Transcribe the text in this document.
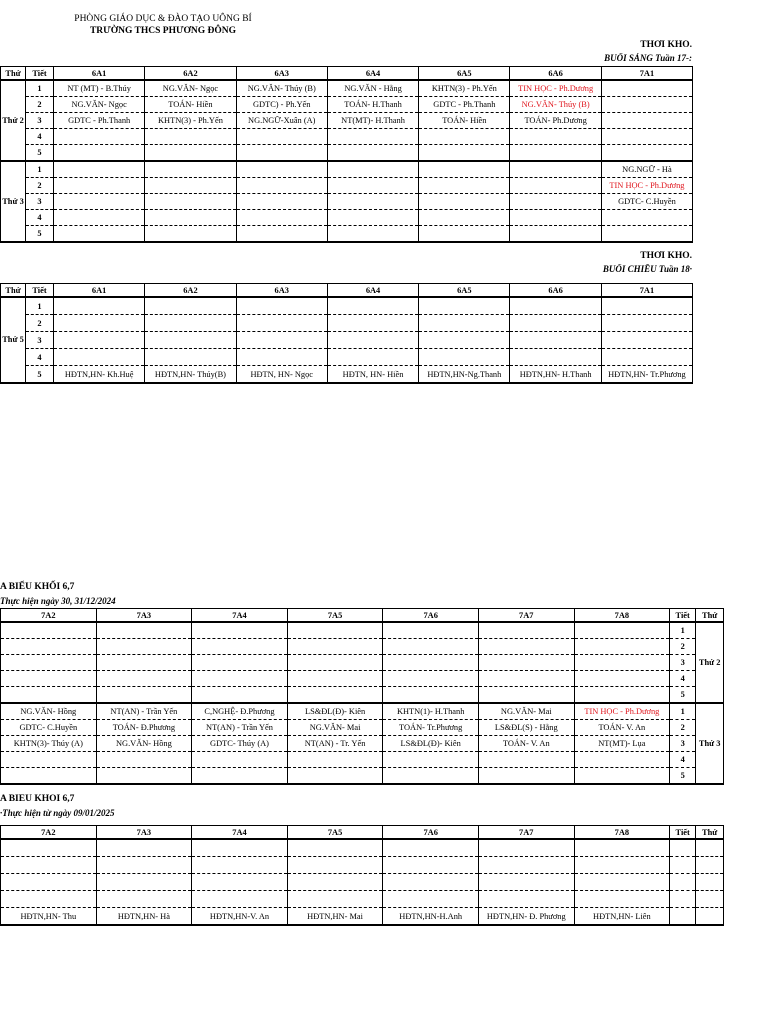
PHÒNG GIÁO DỤC & ĐÀO TẠO UÔNG BÍ
TRƯỜNG THCS PHƯƠNG ĐÔNG
THỜI KHÓ.
BUỔI SÁNG Tuần 17-:
Thứ	Tiết	6A1	6A2	6A3	6A4	6A5	6A6	7A1
Thứ 2	1	NT (MT) - B.Thúy	NG.VĂN- Ngọc	NG.VĂN- Thúy (B)	NG.VĂN - Hằng	KHTN(3) - Ph.Yến	TIN HỌC - Ph.Dương	
	2	NG.VĂN- Ngọc	TOÁN- Hiền	GDTC) - Ph.Yến	TOÁN- H.Thanh	GDTC - Ph.Thanh	NG.VĂN- Thúy (B)	
	3	GDTC - Ph.Thanh	KHTN(3) - Ph.Yến	NG.NGỮ-Xuân (A)	NT(MT)- H.Thanh	TOÁN- Hiền	TOÁN- Ph.Dương	
	4							
	5							
Thứ 3	1							NG.NGỮ - Hà
	2							TIN HỌC - Ph.Dương
	3							GDTC- C.Huyền
	4							
	5							
THỜI KHO.
BUỔI CHIỀU Tuần 18·
Thứ	Tiết	6A1	6A2	6A3	6A4	6A5	6A6	7A1
Thứ 5	1							
	2							
	3							
	4							
	5	HĐTN,HN- Kh.Huệ	HĐTN,HN- Thúy(B)	HĐTN, HN- Ngọc	HĐTN, HN- Hiền	HĐTN,HN-Ng.Thanh	HĐTN,HN- H.Thanh	HĐTN,HN- Tr.Phương
A BIỂU KHỐI 6,7
Thực hiện ngày 30, 31/12/2024
7A2	7A3	7A4	7A5	7A6	7A7	7A8	Tiết	Thứ
							1	Thứ 2
							2	
							3	
							4	
							5	
NG.VĂN- Hồng	NT(AN) - Trần Yến	C,NGHỆ- Đ.Phương	LS&ĐL(Đ)- Kiên	KHTN(1)- H.Thanh	NG.VĂN- Mai	TIN HỌC - Ph.Dương	1	Thứ 3
GDTC- C.Huyền	TOÁN- Đ.Phương	NT(AN) - Trần Yến	NG.VĂN- Mai	TOÁN- Tr.Phương	LS&ĐL(S) - Hằng	TOÁN- V. An	2	
KHTN(3)- Thúy (A)	NG.VĂN- Hồng	GDTC- Thúy (A)	NT(AN) - Tr. Yến	LS&ĐL(Đ)- Kiên	TOÁN- V. An	NT(MT)- Lụa	3	
							4	
							5	
A BIEU KHOI 6,7
·Thực hiện từ ngày 09/01/2025
7A2	7A3	7A4	7A5	7A6	7A7	7A8	Tiết	Thứ

HĐTN,HN- Thu	HĐTN,HN- Hà	HĐTN,HN-V. An	HĐTN,HN- Mai	HĐTN,HN-H.Anh	HĐTN,HN- Đ. Phương	HĐTN,HN- Liên		
